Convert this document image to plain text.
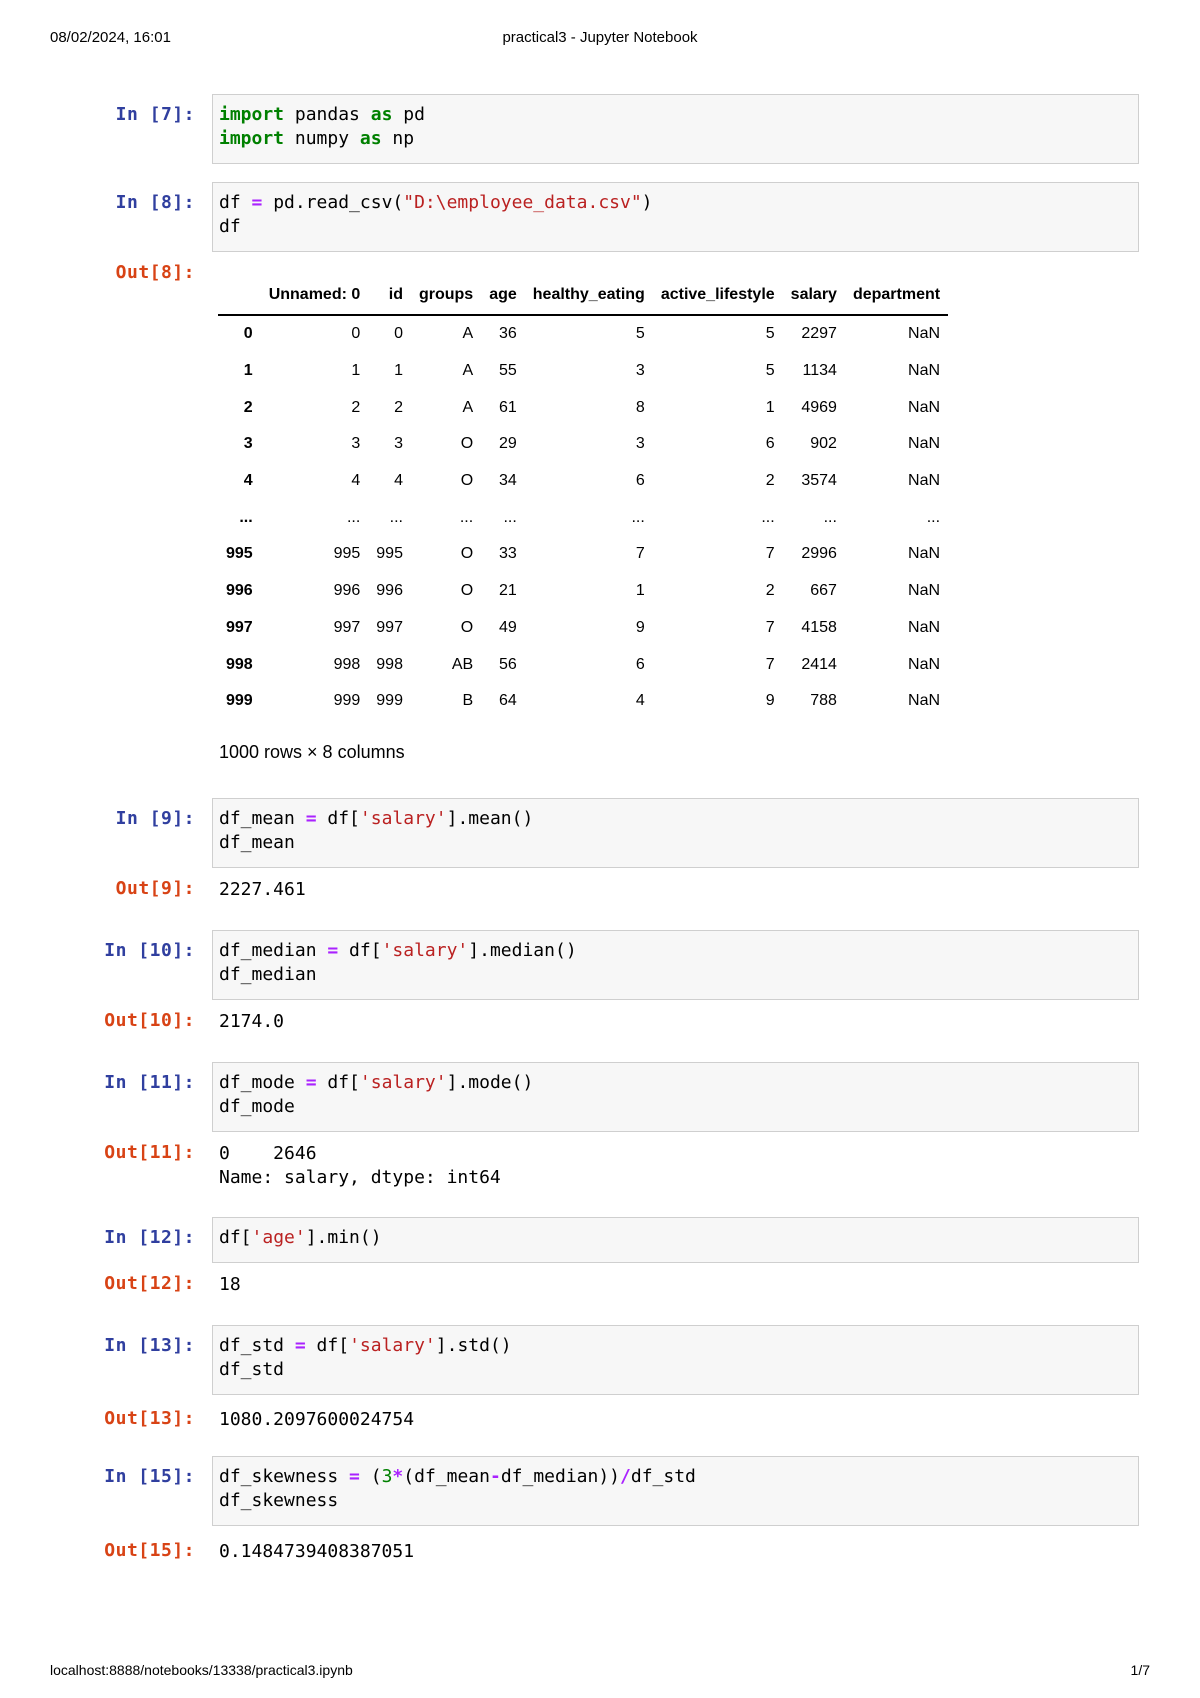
08/02/2024, 16:01	practical3 - Jupyter Notebook
localhost:8888/notebooks/13338/practical3.ipynb	1/7
In [7]: import pandas as pd
import numpy as np
In [8]: df = pd.read_csv("D:\employee_data.csv")
df
Out[8]:
	Unnamed: 0	id	groups	age	healthy_eating	active_lifestyle	salary	department
0	0	0	A	36	5	5	2297	NaN
1	1	1	A	55	3	5	1134	NaN
2	2	2	A	61	8	1	4969	NaN
3	3	3	O	29	3	6	902	NaN
4	4	4	O	34	6	2	3574	NaN
...	...	...	...	...	...	...	...	...
995	995	995	O	33	7	7	2996	NaN
996	996	996	O	21	1	2	667	NaN
997	997	997	O	49	9	7	4158	NaN
998	998	998	AB	56	6	7	2414	NaN
999	999	999	B	64	4	9	788	NaN
1000 rows × 8 columns
In [9]: df_mean = df['salary'].mean()
df_mean
Out[9]: 2227.461
In [10]: df_median = df['salary'].median()
df_median
Out[10]: 2174.0
In [11]: df_mode = df['salary'].mode()
df_mode
Out[11]: 0    2646
Name: salary, dtype: int64
In [12]: df['age'].min()
Out[12]: 18
In [13]: df_std = df['salary'].std()
df_std
Out[13]: 1080.2097600024754
In [15]: df_skewness = (3*(df_mean-df_median))/df_std
df_skewness
Out[15]: 0.1484739408387051
